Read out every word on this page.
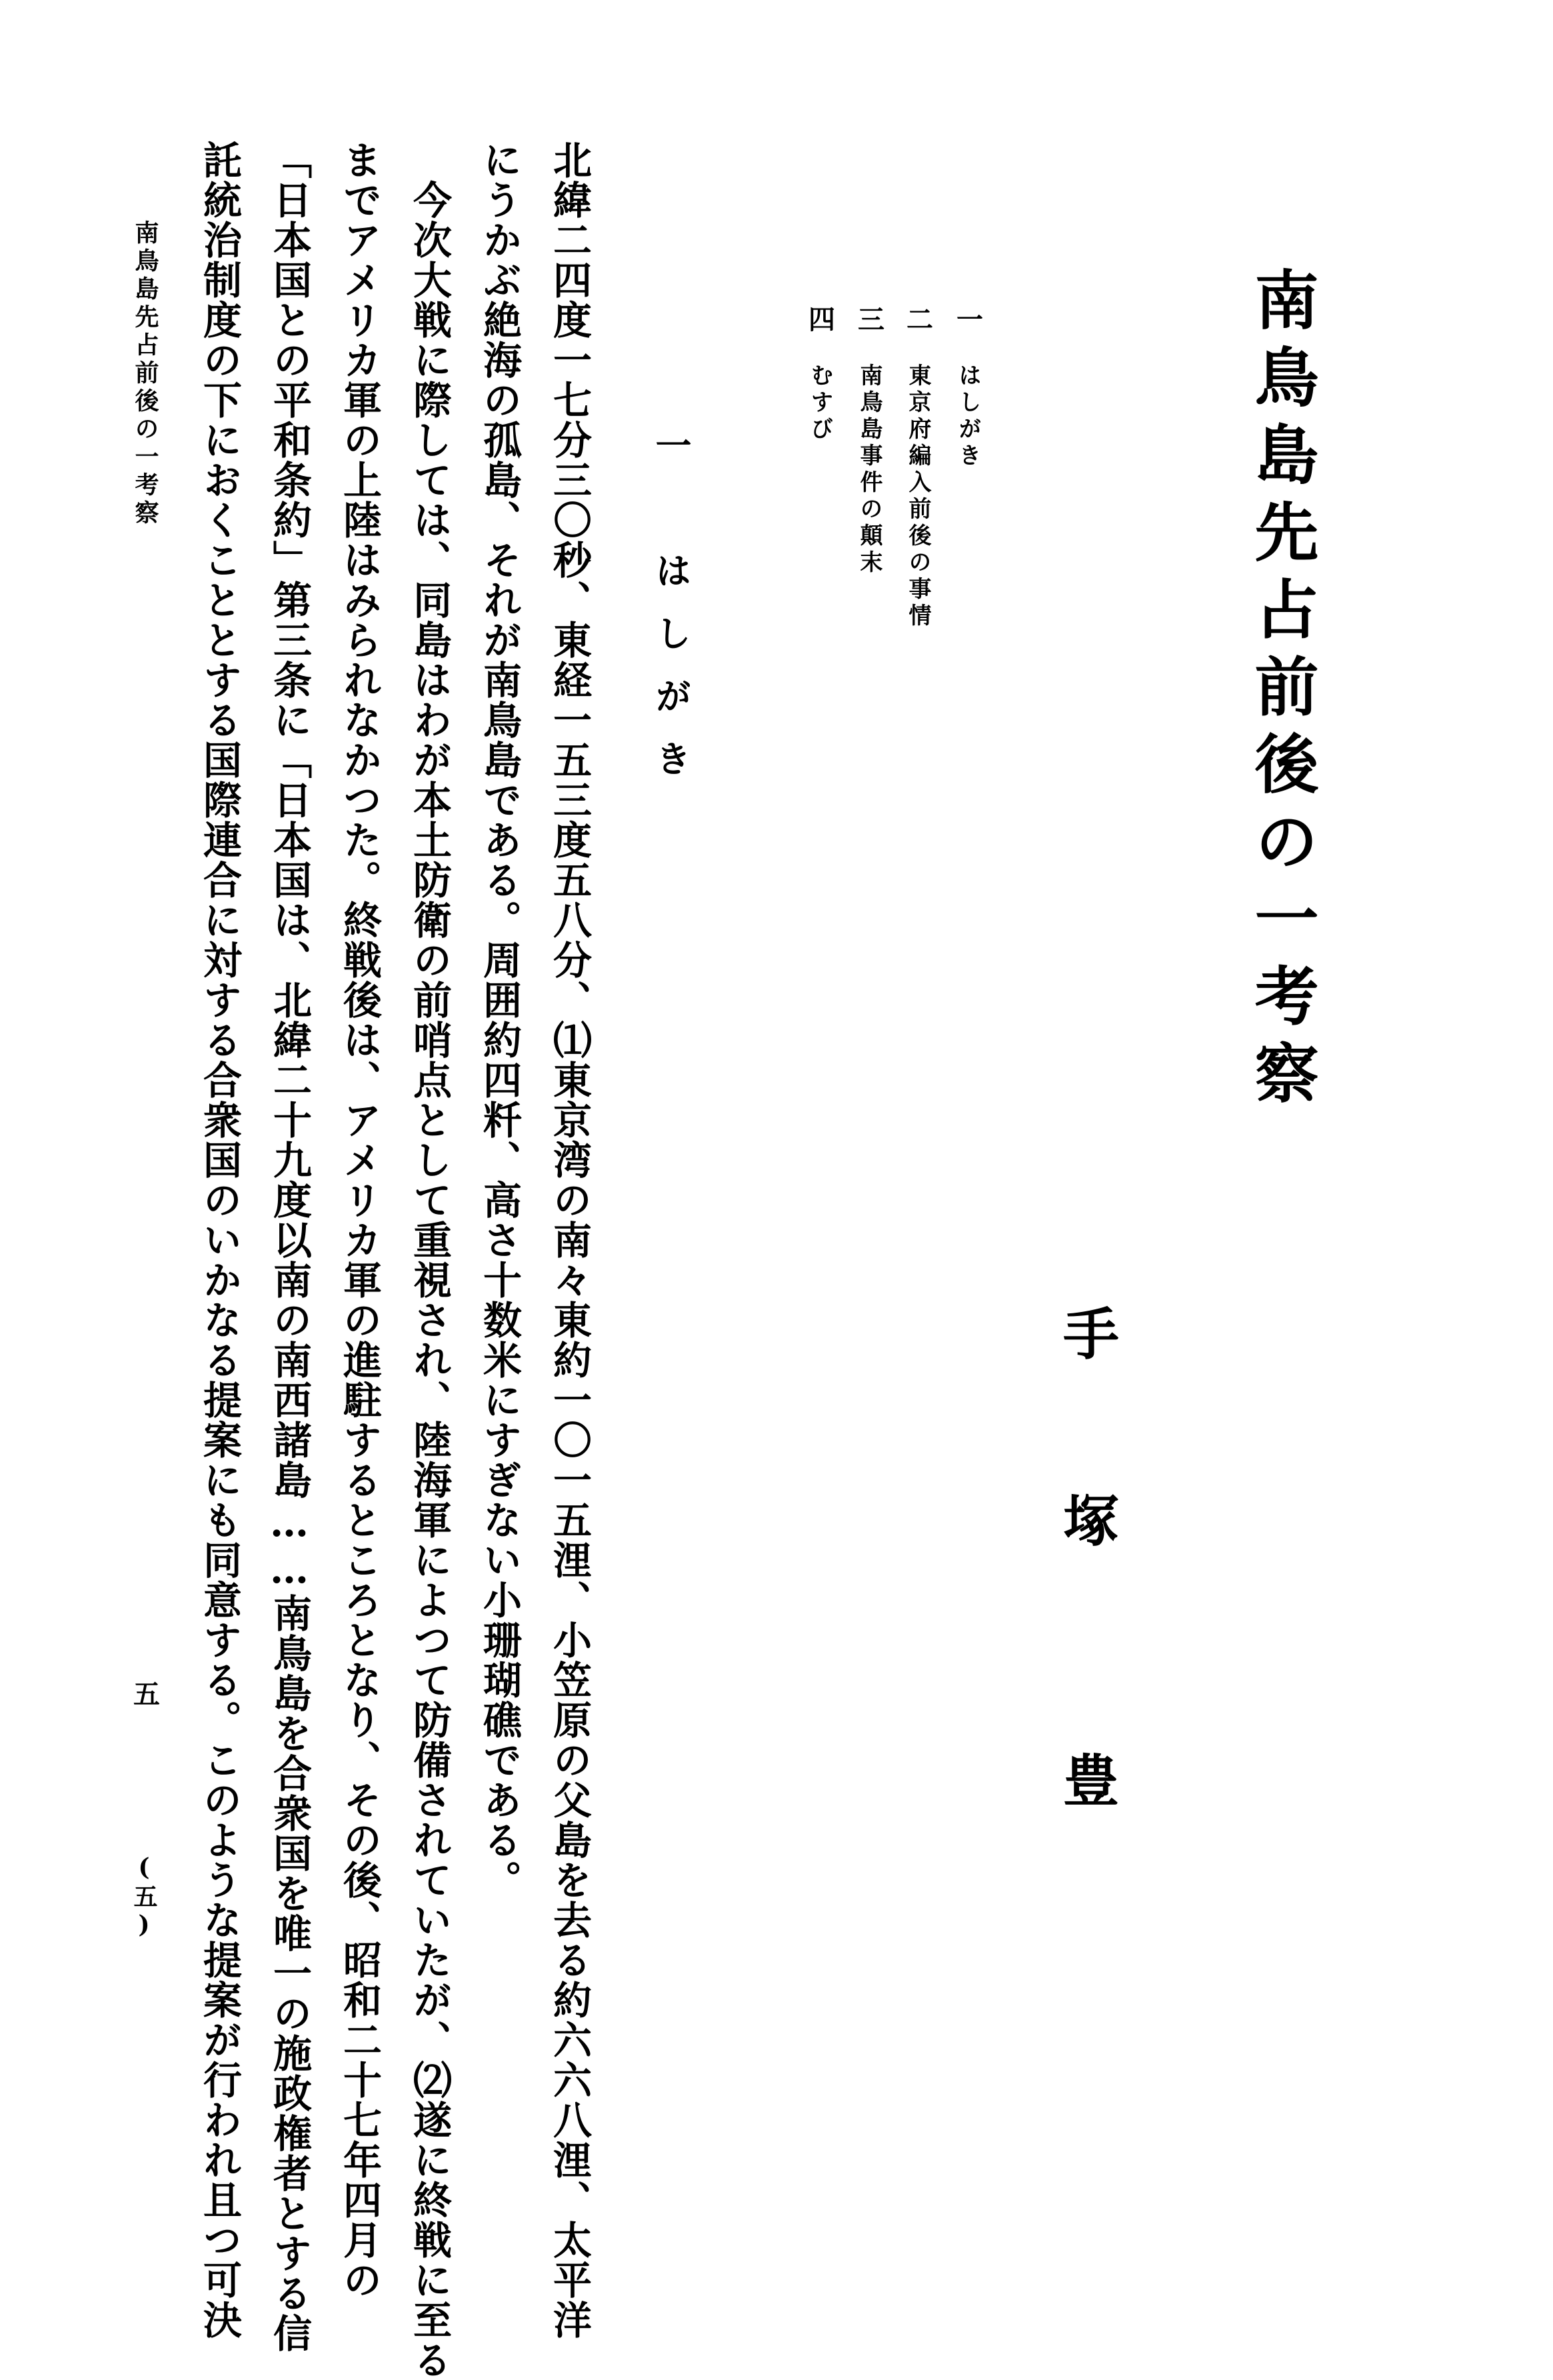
南鳥島先占前後の一考察
手
塚
豊
一
はしがき
二
東京府編入前後の事情
三
南鳥島事件の顛末
四
むすび
一　はしがき
北緯二四度一七分三〇秒、東経一五三度五八分、⑴東京湾の南々東約一〇一五浬、小笠原の父島を去る約六六八浬、太平洋
にうかぶ絶海の孤島、それが南鳥島である。周囲約四粁、高さ十数米にすぎない小珊瑚礁である。
　今次大戦に際しては、同島はわが本土防衛の前哨点として重視され、陸海軍によつて防備されていたが、⑵遂に終戦に至る
までアメリカ軍の上陸はみられなかつた。終戦後は、アメリカ軍の進駐するところとなり、その後、昭和二十七年四月の
「日本国との平和条約」第三条に「日本国は、北緯二十九度以南の南西諸島……南鳥島を合衆国を唯一の施政権者とする信
託統治制度の下におくこととする国際連合に対する合衆国のいかなる提案にも同意する。このような提案が行われ且つ可決
南鳥島先占前後の一考察
五
(五)
